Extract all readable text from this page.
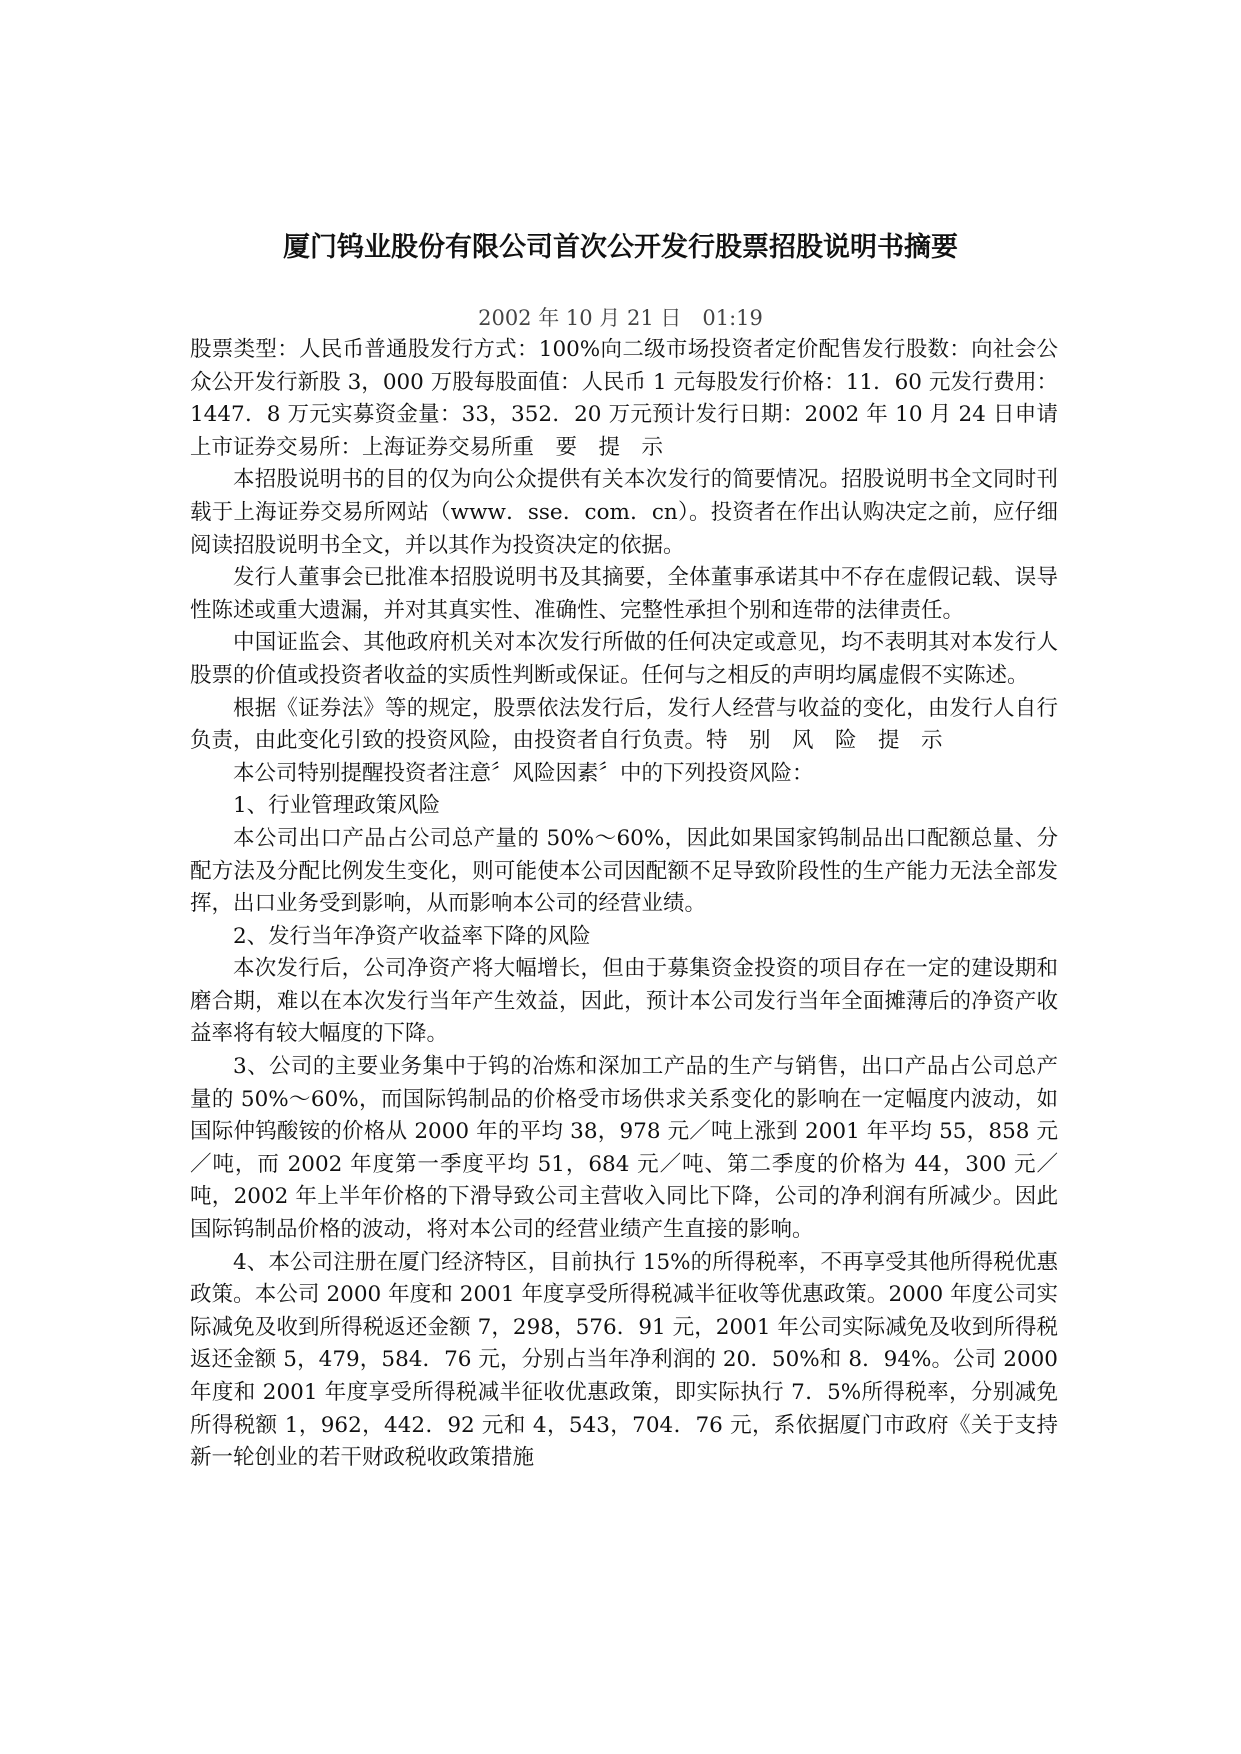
厦门钨业股份有限公司首次公开发行股票招股说明书摘要
2002 年 10 月 21 日　01:19

股票类型：人民币普通股发行方式：100%向二级市场投资者定价配售发行股数：向社会公众公开发行新股 3，000 万股每股面值：人民币 1 元每股发行价格：11．60 元发行费用：1447．8 万元实募资金量：33，352．20 万元预计发行日期：2002 年 10 月 24 日申请上市证券交易所：上海证券交易所重　要　提　示

本招股说明书的目的仅为向公众提供有关本次发行的简要情况。招股说明书全文同时刊载于上海证券交易所网站（www．sse．com．cn）。投资者在作出认购决定之前，应仔细阅读招股说明书全文，并以其作为投资决定的依据。

发行人董事会已批准本招股说明书及其摘要，全体董事承诺其中不存在虚假记载、误导性陈述或重大遗漏，并对其真实性、准确性、完整性承担个别和连带的法律责任。

中国证监会、其他政府机关对本次发行所做的任何决定或意见，均不表明其对本发行人股票的价值或投资者收益的实质性判断或保证。任何与之相反的声明均属虚假不实陈述。

根据《证券法》等的规定，股票依法发行后，发行人经营与收益的变化，由发行人自行负责，由此变化引致的投资风险，由投资者自行负责。特　别　风　险　提　示

本公司特别提醒投资者注意〞风险因素〞中的下列投资风险：

1、行业管理政策风险

本公司出口产品占公司总产量的 50%～60%，因此如果国家钨制品出口配额总量、分配方法及分配比例发生变化，则可能使本公司因配额不足导致阶段性的生产能力无法全部发挥，出口业务受到影响，从而影响本公司的经营业绩。

2、发行当年净资产收益率下降的风险

本次发行后，公司净资产将大幅增长，但由于募集资金投资的项目存在一定的建设期和磨合期，难以在本次发行当年产生效益，因此，预计本公司发行当年全面摊薄后的净资产收益率将有较大幅度的下降。

3、公司的主要业务集中于钨的冶炼和深加工产品的生产与销售，出口产品占公司总产量的 50%～60%，而国际钨制品的价格受市场供求关系变化的影响在一定幅度内波动，如国际仲钨酸铵的价格从 2000 年的平均 38，978 元／吨上涨到 2001 年平均 55，858 元／吨，而 2002 年度第一季度平均 51，684 元／吨、第二季度的价格为 44，300 元／吨，2002 年上半年价格的下滑导致公司主营收入同比下降，公司的净利润有所减少。因此国际钨制品价格的波动，将对本公司的经营业绩产生直接的影响。

4、本公司注册在厦门经济特区，目前执行 15%的所得税率，不再享受其他所得税优惠政策。本公司 2000 年度和 2001 年度享受所得税减半征收等优惠政策。2000 年度公司实际减免及收到所得税返还金额 7，298，576．91 元，2001 年公司实际减免及收到所得税返还金额 5，479，584．76 元，分别占当年净利润的 20．50%和 8．94%。公司 2000 年度和 2001 年度享受所得税减半征收优惠政策，即实际执行 7．5%所得税率，分别减免所得税额 1，962，442．92 元和 4，543，704．76 元，系依据厦门市政府《关于支持新一轮创业的若干财政税收政策措施
